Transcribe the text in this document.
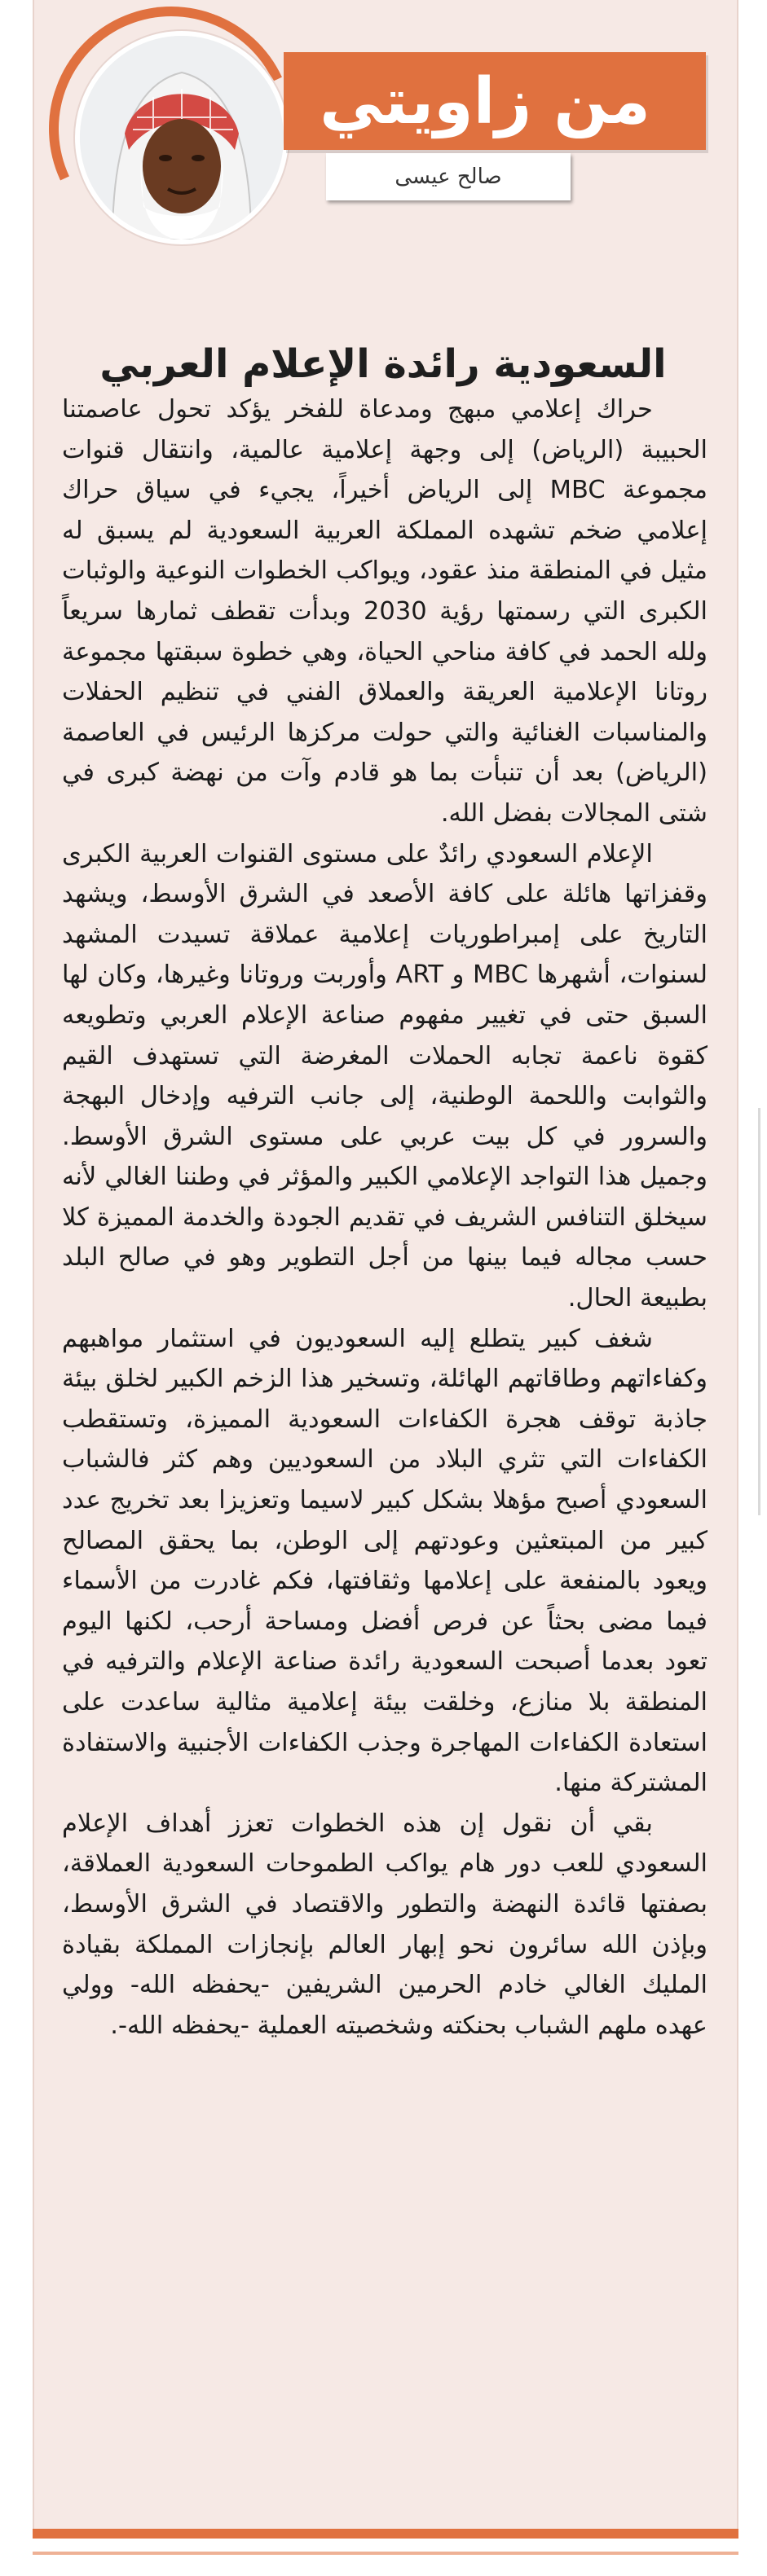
من زاويتي
صالح عيسى
السعودية رائدة الإعلام العربي

حراك إعلامي مبهج ومدعاة للفخر يؤكد تحول عاصمتنا الحبيبة (الرياض) إلى وجهة إعلامية عالمية، وانتقال قنوات مجموعة MBC إلى الرياض أخيراً، يجيء في سياق حراك إعلامي ضخم تشهده المملكة العربية السعودية لم يسبق له مثيل في المنطقة منذ عقود، ويواكب الخطوات النوعية والوثبات الكبرى التي رسمتها رؤية 2030 وبدأت تقطف ثمارها سريعاً ولله الحمد في كافة مناحي الحياة، وهي خطوة سبقتها مجموعة روتانا الإعلامية العريقة والعملاق الفني في تنظيم الحفلات والمناسبات الغنائية والتي حولت مركزها الرئيس في العاصمة (الرياض) بعد أن تنبأت بما هو قادم وآت من نهضة كبرى في شتى المجالات بفضل الله.

الإعلام السعودي رائدٌ على مستوى القنوات العربية الكبرى وقفزاتها هائلة على كافة الأصعد في الشرق الأوسط، ويشهد التاريخ على إمبراطوريات إعلامية عملاقة تسيدت المشهد لسنوات، أشهرها MBC و ART وأوربت وروتانا وغيرها، وكان لها السبق حتى في تغيير مفهوم صناعة الإعلام العربي وتطويعه كقوة ناعمة تجابه الحملات المغرضة التي تستهدف القيم والثوابت واللحمة الوطنية، إلى جانب الترفيه وإدخال البهجة والسرور في كل بيت عربي على مستوى الشرق الأوسط. وجميل هذا التواجد الإعلامي الكبير والمؤثر في وطننا الغالي لأنه سيخلق التنافس الشريف في تقديم الجودة والخدمة المميزة كلا حسب مجاله فيما بينها من أجل التطوير وهو في صالح البلد بطبيعة الحال.

شغف كبير يتطلع إليه السعوديون في استثمار مواهبهم وكفاءاتهم وطاقاتهم الهائلة، وتسخير هذا الزخم الكبير لخلق بيئة جاذبة توقف هجرة الكفاءات السعودية المميزة، وتستقطب الكفاءات التي تثري البلاد من السعوديين وهم كثر فالشباب السعودي أصبح مؤهلا بشكل كبير لاسيما وتعزيزا بعد تخريج عدد كبير من المبتعثين وعودتهم إلى الوطن، بما يحقق المصالح ويعود بالمنفعة على إعلامها وثقافتها، فكم غادرت من الأسماء فيما مضى بحثاً عن فرص أفضل ومساحة أرحب، لكنها اليوم تعود بعدما أصبحت السعودية رائدة صناعة الإعلام والترفيه في المنطقة بلا منازع، وخلقت بيئة إعلامية مثالية ساعدت على استعادة الكفاءات المهاجرة وجذب الكفاءات الأجنبية والاستفادة المشتركة منها.

بقي أن نقول إن هذه الخطوات تعزز أهداف الإعلام السعودي للعب دور هام يواكب الطموحات السعودية العملاقة، بصفتها قائدة النهضة والتطور والاقتصاد في الشرق الأوسط، وبإذن الله سائرون نحو إبهار العالم بإنجازات المملكة بقيادة المليك الغالي خادم الحرمين الشريفين -يحفظه الله- وولي عهده ملهم الشباب بحنكته وشخصيته العملية -يحفظه الله-.
